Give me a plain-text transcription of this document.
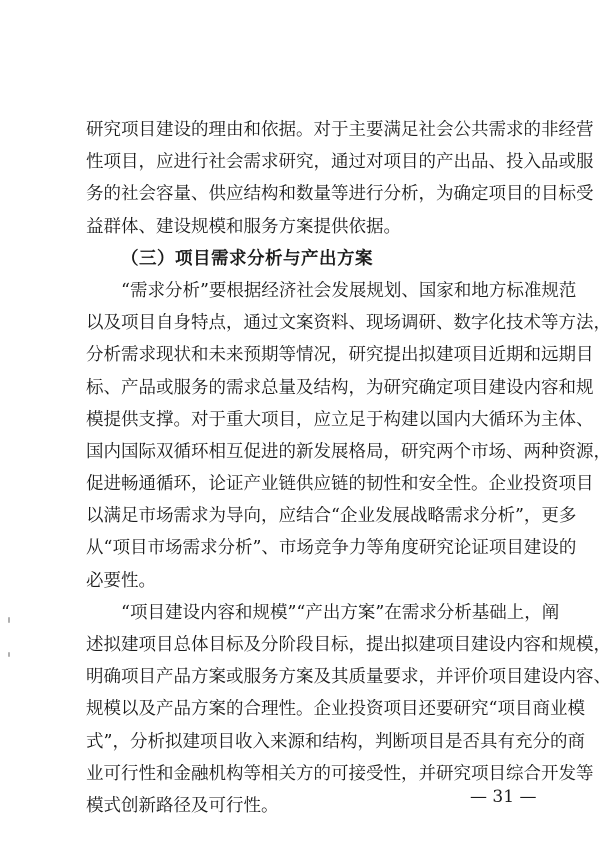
研究项目建设的理由和依据。对于主要满足社会公共需求的非经营
性项目，应进行社会需求研究，通过对项目的产出品、投入品或服
务的社会容量、供应结构和数量等进行分析，为确定项目的目标受
益群体、建设规模和服务方案提供依据。
（三）项目需求分析与产出方案
“需求分析”要根据经济社会发展规划、国家和地方标准规范
以及项目自身特点，通过文案资料、现场调研、数字化技术等方法，
分析需求现状和未来预期等情况，研究提出拟建项目近期和远期目
标、产品或服务的需求总量及结构，为研究确定项目建设内容和规
模提供支撑。对于重大项目，应立足于构建以国内大循环为主体、
国内国际双循环相互促进的新发展格局，研究两个市场、两种资源，
促进畅通循环，论证产业链供应链的韧性和安全性。企业投资项目
以满足市场需求为导向，应结合“企业发展战略需求分析”，更多
从“项目市场需求分析”、市场竞争力等角度研究论证项目建设的
必要性。
“项目建设内容和规模”“产出方案”在需求分析基础上，阐
述拟建项目总体目标及分阶段目标，提出拟建项目建设内容和规模，
明确项目产品方案或服务方案及其质量要求，并评价项目建设内容、
规模以及产品方案的合理性。企业投资项目还要研究“项目商业模
式”，分析拟建项目收入来源和结构，判断项目是否具有充分的商
业可行性和金融机构等相关方的可接受性，并研究项目综合开发等
模式创新路径及可行性。	— 31 —
